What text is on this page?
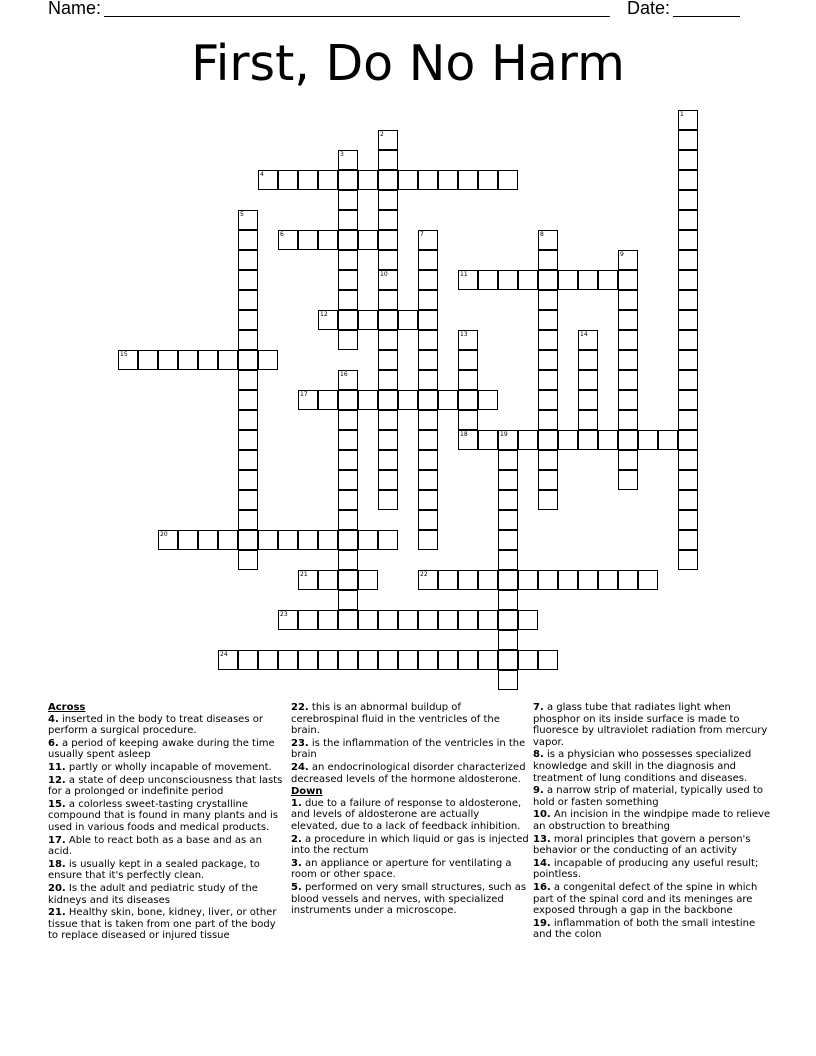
Name:	Date:
First, Do No Harm
1
2
10
3
4
5
6	7	8
9
11
12
13
18
14
15
16
17
19
20
21	22
23
24

Across

4. inserted in the body to treat diseases or perform a surgical procedure.

6. a period of keeping awake during the time usually spent asleep

11. partly or wholly incapable of movement.

12. a state of deep unconsciousness that lasts for a prolonged or indefinite period

15. a colorless sweet-tasting crystalline compound that is found in many plants and is used in various foods and medical products.

17. Able to react both as a base and as an acid.

18. is usually kept in a sealed package, to ensure that it's perfectly clean.

20. Is the adult and pediatric study of the kidneys and its diseases

21. Healthy skin, bone, kidney, liver, or other tissue that is taken from one part of the body to replace diseased or injured tissue

22. this is an abnormal buildup of cerebrospinal fluid in the ventricles of the brain.

23. is the inflammation of the ventricles in the brain

24. an endocrinological disorder characterized decreased levels of the hormone aldosterone.

Down

1. due to a failure of response to aldosterone, and levels of aldosterone are actually elevated, due to a lack of feedback inhibition.

2. a procedure in which liquid or gas is injected into the rectum

3. an appliance or aperture for ventilating a room or other space.

5. performed on very small structures, such as blood vessels and nerves, with specialized instruments under a microscope.

7. a glass tube that radiates light when phosphor on its inside surface is made to fluoresce by ultraviolet radiation from mercury vapor.

8. is a physician who possesses specialized knowledge and skill in the diagnosis and treatment of lung conditions and diseases.

9. a narrow strip of material, typically used to hold or fasten something

10. An incision in the windpipe made to relieve an obstruction to breathing

13. moral principles that govern a person's behavior or the conducting of an activity

14. incapable of producing any useful result; pointless.

16. a congenital defect of the spine in which part of the spinal cord and its meninges are exposed through a gap in the backbone

19. inflammation of both the small intestine and the colon
